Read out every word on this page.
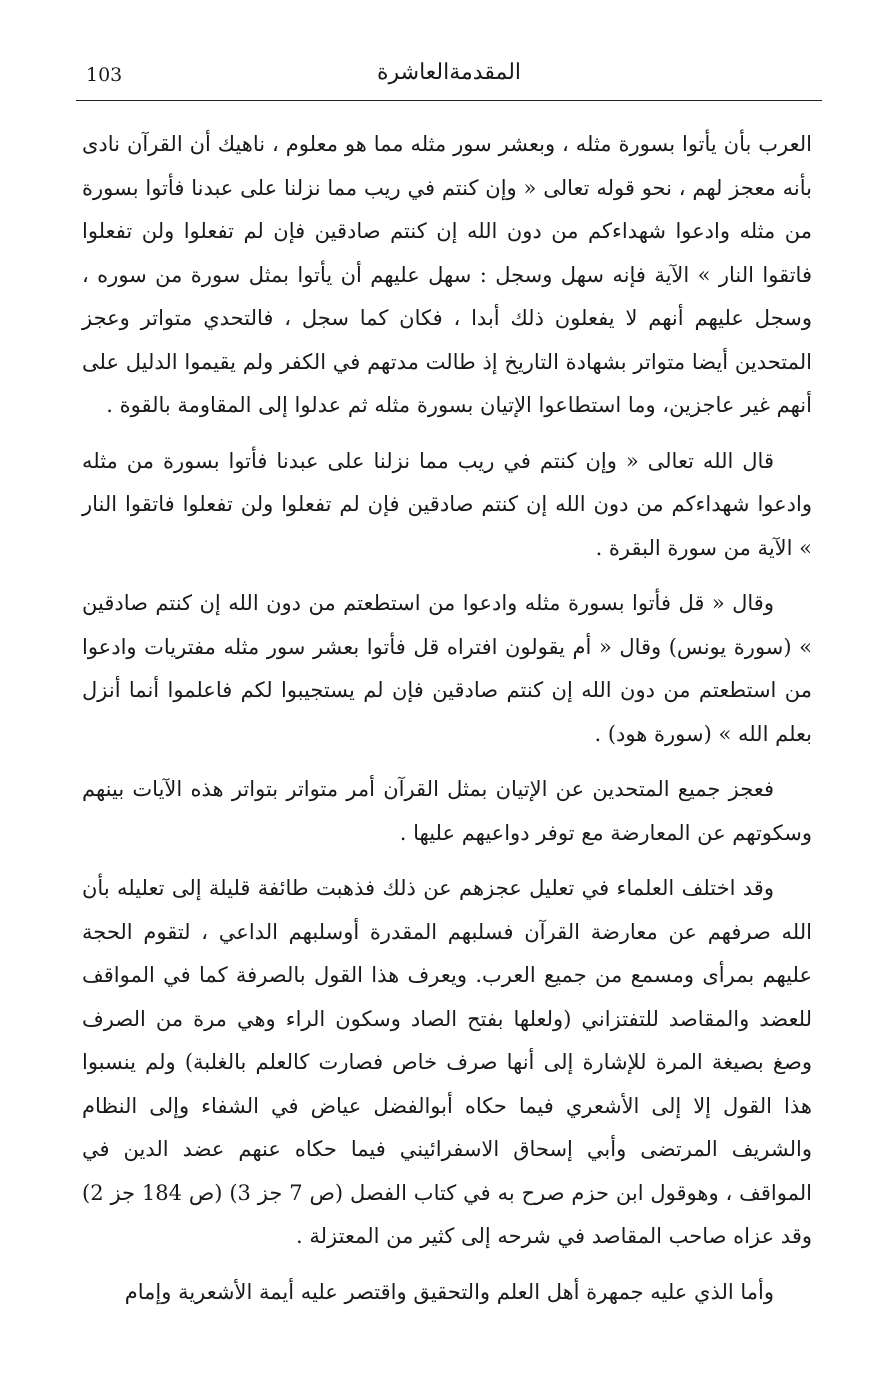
103	المقدمةالعاشرة

العرب بأن يأتوا بسورة مثله ، وبعشر سور مثله مما هو معلوم ، ناهيك أن القرآن نادى بأنه معجز لهم ، نحو قوله تعالى « وإن كنتم في ريب مما نزلنا على عبدنا فأتوا بسورة من مثله وادعوا شهداءكم من دون الله إن كنتم صادقين فإن لم تفعلوا ولن تفعلوا فاتقوا النار » الآية فإنه سهل وسجل : سهل عليهم أن يأتوا بمثل سورة من سوره ، وسجل عليهم أنهم لا يفعلون ذلك أبدا ، فكان كما سجل ، فالتحدي متواتر وعجز المتحدين أيضا متواتر بشهادة التاريخ إذ طالت مدتهم في الكفر ولم يقيموا الدليل على أنهم غير عاجزين، وما استطاعوا الإتيان بسورة مثله ثم عدلوا إلى المقاومة بالقوة .

قال الله تعالى « وإن كنتم في ريب مما نزلنا على عبدنا فأتوا بسورة من مثله وادعوا شهداءكم من دون الله إن كنتم صادقين فإن لم تفعلوا ولن تفعلوا فاتقوا النار » الآية من سورة البقرة .

وقال « قل فأتوا بسورة مثله وادعوا من استطعتم من دون الله إن كنتم صادقين » (سورة يونس) وقال « أم يقولون افتراه قل فأتوا بعشر سور مثله مفتريات وادعوا من استطعتم من دون الله إن كنتم صادقين فإن لم يستجيبوا لكم فاعلموا أنما أنزل بعلم الله » (سورة هود) .

فعجز جميع المتحدين عن الإتيان بمثل القرآن أمر متواتر بتواتر هذه الآيات بينهم وسكوتهم عن المعارضة مع توفر دواعيهم عليها .

وقد اختلف العلماء في تعليل عجزهم عن ذلك فذهبت طائفة قليلة إلى تعليله بأن الله صرفهم عن معارضة القرآن فسلبهم المقدرة أوسلبهم الداعي ، لتقوم الحجة عليهم بمرأى ومسمع من جميع العرب. ويعرف هذا القول بالصرفة كما في المواقف للعضد والمقاصد للتفتزاني (ولعلها بفتح الصاد وسكون الراء وهي مرة من الصرف وصغ بصيغة المرة للإشارة إلى أنها صرف خاص فصارت كالعلم بالغلبة) ولم ينسبوا هذا القول إلا إلى الأشعري فيما حكاه أبوالفضل عياض في الشفاء وإلى النظام والشريف المرتضى وأبي إسحاق الاسفرائيني فيما حكاه عنهم عضد الدين في المواقف ، وهوقول ابن حزم صرح به في كتاب الفصل (ص 7 جز 3) (ص 184 جز 2) وقد عزاه صاحب المقاصد في شرحه إلى كثير من المعتزلة .

وأما الذي عليه جمهرة أهل العلم والتحقيق واقتصر عليه أيمة الأشعرية وإمام
